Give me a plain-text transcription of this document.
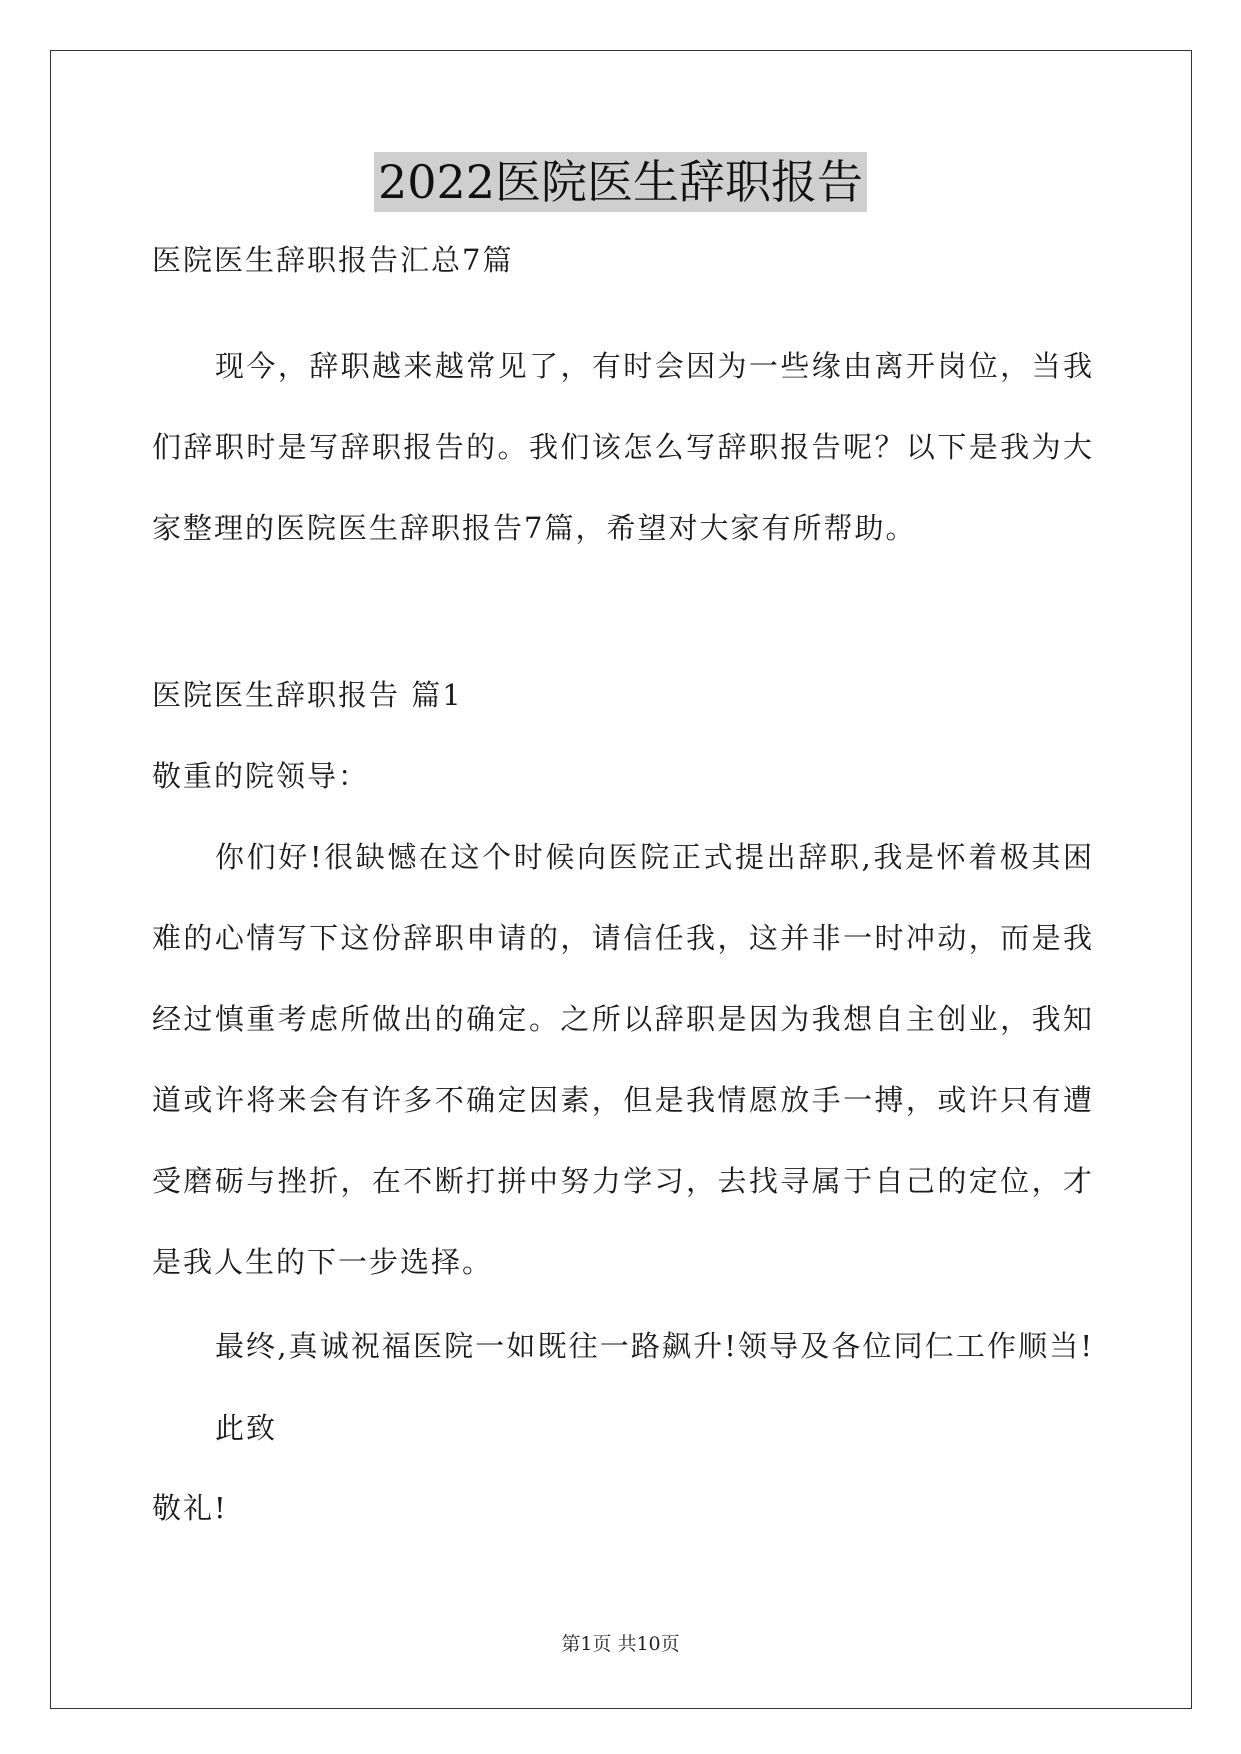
2022医院医生辞职报告
医院医生辞职报告汇总7篇
现今，辞职越来越常见了，有时会因为一些缘由离开岗位，当我
们辞职时是写辞职报告的。我们该怎么写辞职报告呢？以下是我为大
家整理的医院医生辞职报告7篇，希望对大家有所帮助。
医院医生辞职报告 篇1
敬重的院领导：
你们好!很缺憾在这个时候向医院正式提出辞职,我是怀着极其困
难的心情写下这份辞职申请的，请信任我，这并非一时冲动，而是我
经过慎重考虑所做出的确定。之所以辞职是因为我想自主创业，我知
道或许将来会有许多不确定因素，但是我情愿放手一搏，或许只有遭
受磨砺与挫折，在不断打拼中努力学习，去找寻属于自己的定位，才
是我人生的下一步选择。
最终,真诚祝福医院一如既往一路飙升!领导及各位同仁工作顺当!
此致
敬礼!
第1页 共10页
